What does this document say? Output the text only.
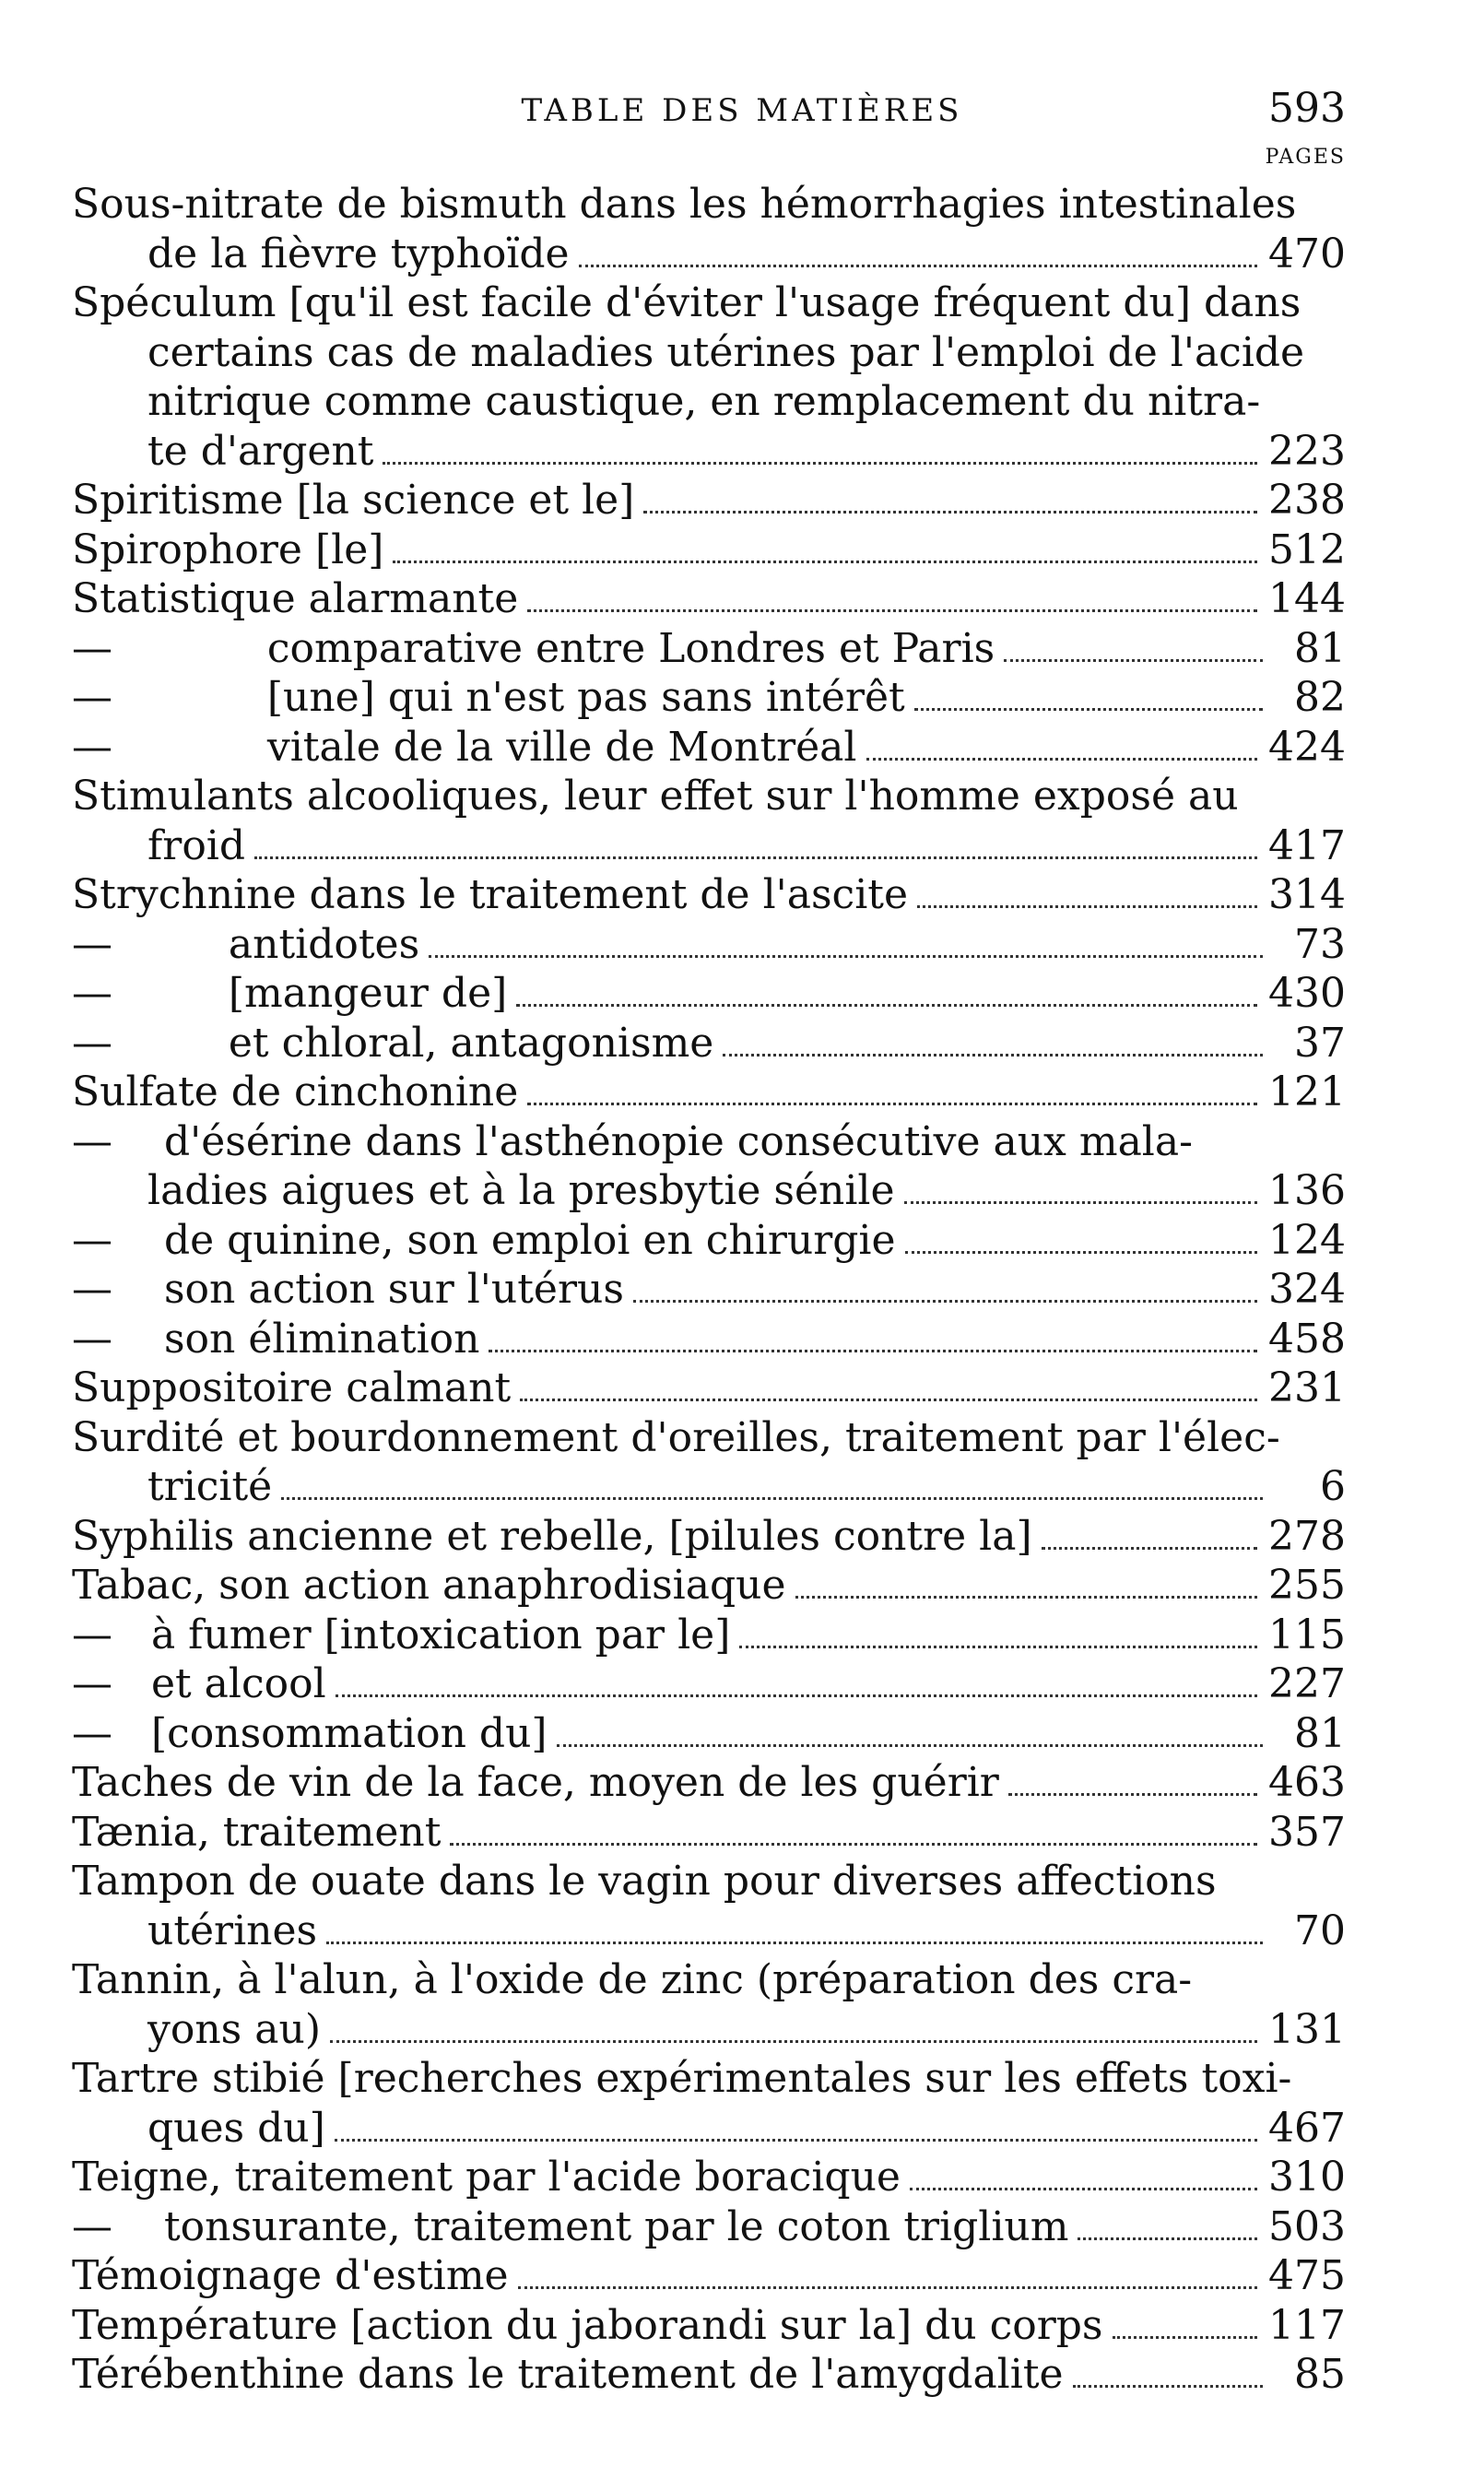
TABLE DES MATIÈRES	593
PAGES
Sous-nitrate de bismuth dans les hémorrhagies intestinales
de la fièvre typhoïde	470
Spéculum [qu'il est facile d'éviter l'usage fréquent du] dans
certains cas de maladies utérines par l'emploi de l'acide
nitrique comme caustique, en remplacement du nitra-
te d'argent	223
Spiritisme [la science et le]	238
Spirophore [le]	512
Statistique alarmante	144
—            comparative entre Londres et Paris	81
—            [une] qui n'est pas sans intérêt	82
—            vitale de la ville de Montréal	424
Stimulants alcooliques, leur effet sur l'homme exposé au
froid	417
Strychnine dans le traitement de l'ascite	314
—         antidotes	73
—         [mangeur de]	430
—         et chloral, antagonisme	37
Sulfate de cinchonine	121
—    d'ésérine dans l'asthénopie consécutive aux mala-
ladies aigues et à la presbytie sénile	136
—    de quinine, son emploi en chirurgie	124
—    son action sur l'utérus	324
—    son élimination	458
Suppositoire calmant	231
Surdité et bourdonnement d'oreilles, traitement par l'élec-
tricité	6
Syphilis ancienne et rebelle, [pilules contre la]	278
Tabac, son action anaphrodisiaque	255
—   à fumer [intoxication par le]	115
—   et alcool	227
—   [consommation du]	81
Taches de vin de la face, moyen de les guérir	463
Tænia, traitement	357
Tampon de ouate dans le vagin pour diverses affections
utérines	70
Tannin, à l'alun, à l'oxide de zinc (préparation des cra-
yons au)	131
Tartre stibié [recherches expérimentales sur les effets toxi-
ques du]	467
Teigne, traitement par l'acide boracique	310
—    tonsurante, traitement par le coton triglium	503
Témoignage d'estime	475
Température [action du jaborandi sur la] du corps	117
Térébenthine dans le traitement de l'amygdalite	85
